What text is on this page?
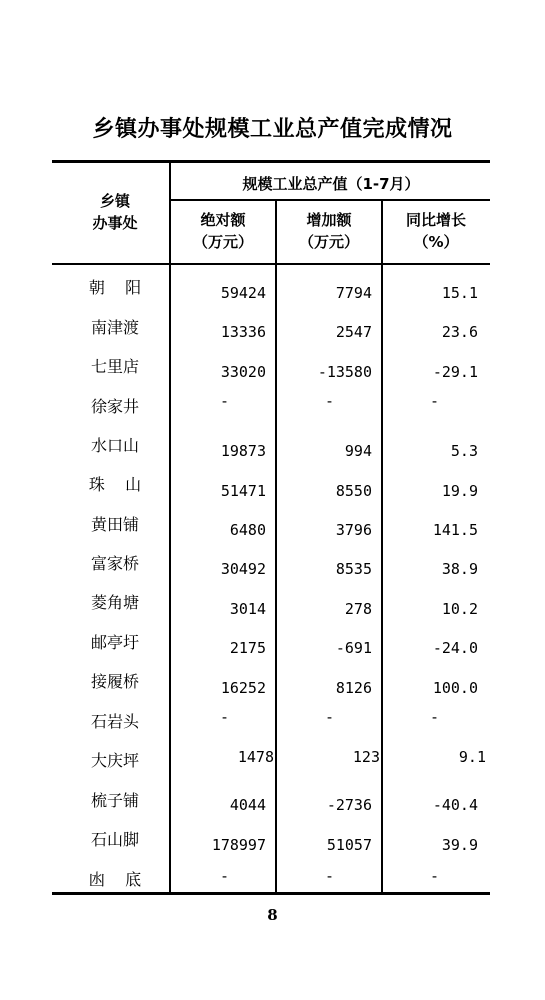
乡镇办事处规模工业总产值完成情况
乡镇
办事处
规模工业总产值（1-7月）
绝对额
（万元）
增加额
（万元）
同比增长
（%）
朝    阳	59424	7794	15.1
南津渡	13336	2547	23.6
七里店	33020	-13580	-29.1
徐家井	-	-	-
水口山	19873	994	5.3
珠    山	51471	8550	19.9
黄田铺	6480	3796	141.5
富家桥	30492	8535	38.9
菱角塘	3014	278	10.2
邮亭圩	2175	-691	-24.0
接履桥	16252	8126	100.0
石岩头	-	-	-
大庆坪	1478	123	9.1
梳子铺	4044	-2736	-40.4
石山脚	178997	51057	39.9
凼    底	-	-	-
8
